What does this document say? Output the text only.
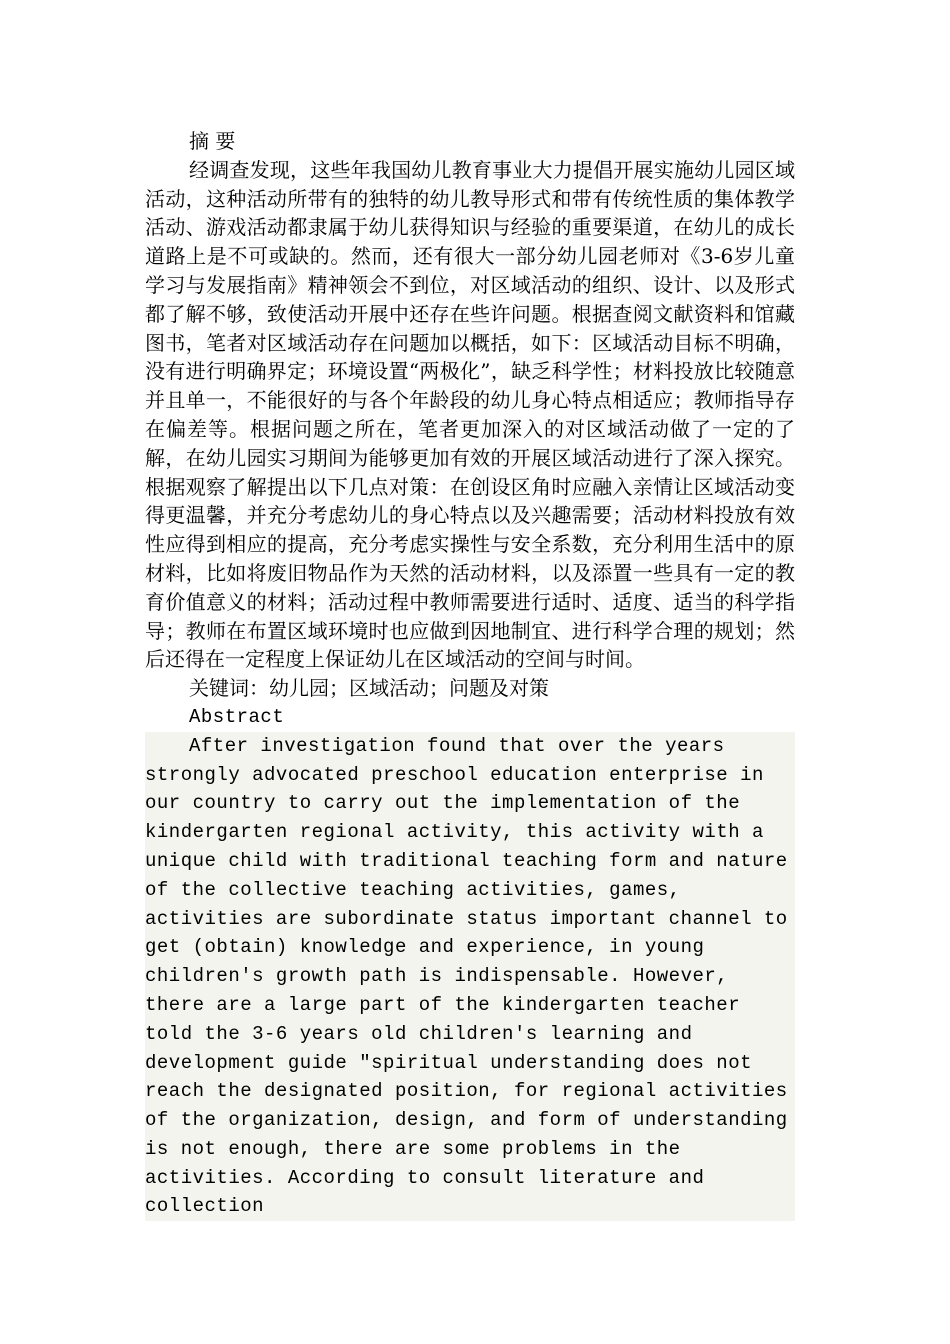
摘 要

经调查发现，这些年我国幼儿教育事业大力提倡开展实施幼儿园区域活动，这种活动所带有的独特的幼儿教导形式和带有传统性质的集体教学活动、游戏活动都隶属于幼儿获得知识与经验的重要渠道，在幼儿的成长道路上是不可或缺的。然而，还有很大一部分幼儿园老师对《3-6岁儿童学习与发展指南》精神领会不到位，对区域活动的组织、设计、以及形式都了解不够，致使活动开展中还存在些许问题。根据查阅文献资料和馆藏图书，笔者对区域活动存在问题加以概括，如下：区域活动目标不明确，没有进行明确界定；环境设置“两极化”，缺乏科学性；材料投放比较随意并且单一，不能很好的与各个年龄段的幼儿身心特点相适应；教师指导存在偏差等。根据问题之所在，笔者更加深入的对区域活动做了一定的了解，在幼儿园实习期间为能够更加有效的开展区域活动进行了深入探究。根据观察了解提出以下几点对策：在创设区角时应融入亲情让区域活动变得更温馨，并充分考虑幼儿的身心特点以及兴趣需要；活动材料投放有效性应得到相应的提高，充分考虑实操性与安全系数，充分利用生活中的原材料，比如将废旧物品作为天然的活动材料，以及添置一些具有一定的教育价值意义的材料；活动过程中教师需要进行适时、适度、适当的科学指导；教师在布置区域环境时也应做到因地制宜、进行科学合理的规划；然后还得在一定程度上保证幼儿在区域活动的空间与时间。

关键词：幼儿园；区域活动；问题及对策

Abstract

After investigation found that over the years strongly advocated preschool education enterprise in our country to carry out the implementation of the kindergarten regional activity, this activity with a unique child with traditional teaching form and nature of the collective teaching activities, games, activities are subordinate status important channel to get (obtain) knowledge and experience, in young children's growth path is indispensable. However, there are a large part of the kindergarten teacher told the 3-6 years old children's learning and development guide "spiritual understanding does not reach the designated position, for regional activities of the organization, design, and form of understanding is not enough, there are some problems in the activities. According to consult literature and collection
